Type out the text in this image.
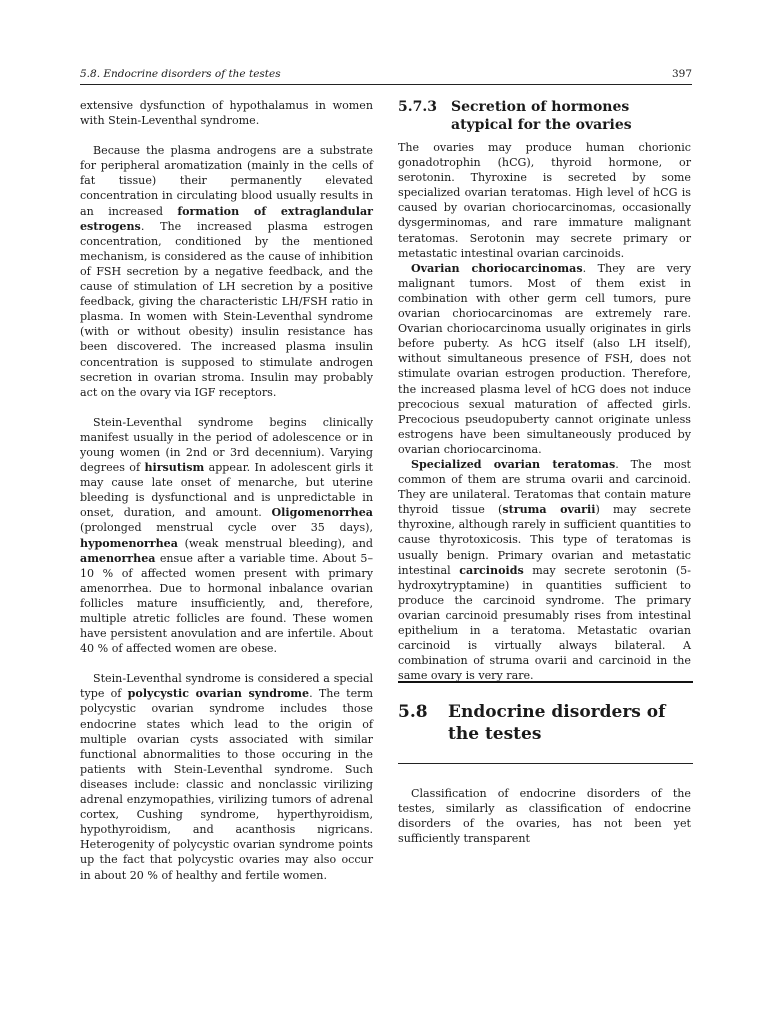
5.8. Endocrine disorders of the testes	397

extensive dysfunction of hypothalamus in women with Stein-Leventhal syndrome.

Because the plasma androgens are a substrate for peripheral aromatization (mainly in the cells of fat tissue) their permanently elevated concentration in circulating blood usually results in an increased formation of extraglandular estrogens. The increased plasma estrogen concentration, conditioned by the mentioned mechanism, is considered as the cause of inhibition of FSH secretion by a negative feedback, and the cause of stimulation of LH secretion by a positive feedback, giving the characteristic LH/FSH ratio in plasma. In women with Stein-Leventhal syndrome (with or without obesity) insulin resistance has been discovered. The increased plasma insulin concentration is supposed to stimulate androgen secretion in ovarian stroma. Insulin may probably act on the ovary via IGF receptors.

Stein-Leventhal syndrome begins clinically manifest usually in the period of adolescence or in young women (in 2nd or 3rd decennium). Varying degrees of hirsutism appear. In adolescent girls it may cause late onset of menarche, but uterine bleeding is dysfunctional and is unpredictable in onset, duration, and amount. Oligomenorrhea (prolonged menstrual cycle over 35 days), hypomenorrhea (weak menstrual bleeding), and amenorrhea ensue after a variable time. About 5–10 % of affected women present with primary amenorrhea. Due to hormonal inbalance ovarian follicles mature insufficiently, and, therefore, multiple atretic follicles are found. These women have persistent anovulation and are infertile. About 40 % of affected women are obese.

Stein-Leventhal syndrome is considered a special type of polycystic ovarian syndrome. The term polycystic ovarian syndrome includes those endocrine states which lead to the origin of multiple ovarian cysts associated with similar functional abnormalities to those occuring in the patients with Stein-Leventhal syndrome. Such diseases include: classic and nonclassic virilizing adrenal enzymopathies, virilizing tumors of adrenal cortex, Cushing syndrome, hyperthyroidism, hypothyroidism, and acanthosis nigricans. Heterogenity of polycystic ovarian syndrome points up the fact that polycystic ovaries may also occur in about 20 % of healthy and fertile women.

5.7.3	Secretion of hormones atypical for the ovaries

The ovaries may produce human chorionic gonadotrophin (hCG), thyroid hormone, or serotonin. Thyroxine is secreted by some specialized ovarian teratomas. High level of hCG is caused by ovarian choriocarcinomas, occasionally dysgerminomas, and rare immature malignant teratomas. Serotonin may secrete primary or metastatic intestinal ovarian carcinoids.

Ovarian choriocarcinomas. They are very malignant tumors. Most of them exist in combination with other germ cell tumors, pure ovarian choriocarcinomas are extremely rare. Ovarian choriocarcinoma usually originates in girls before puberty. As hCG itself (also LH itself), without simultaneous presence of FSH, does not stimulate ovarian estrogen production. Therefore, the increased plasma level of hCG does not induce precocious sexual maturation of affected girls. Precocious pseudopuberty cannot originate unless estrogens have been simultaneously produced by ovarian choriocarcinoma.

Specialized ovarian teratomas. The most common of them are struma ovarii and carcinoid. They are unilateral. Teratomas that contain mature thyroid tissue (struma ovarii) may secrete thyroxine, although rarely in sufficient quantities to cause thyrotoxicosis. This type of teratomas is usually benign. Primary ovarian and metastatic intestinal carcinoids may secrete serotonin (5-hydroxytryptamine) in quantities sufficient to produce the carcinoid syndrome. The primary ovarian carcinoid presumably rises from intestinal epithelium in a teratoma. Metastatic ovarian carcinoid is virtually always bilateral. A combination of struma ovarii and carcinoid in the same ovary is very rare.

5.8	Endocrine disorders of the testes

Classification of endocrine disorders of the testes, similarly as classification of endocrine disorders of the ovaries, has not been yet sufficiently transparent
